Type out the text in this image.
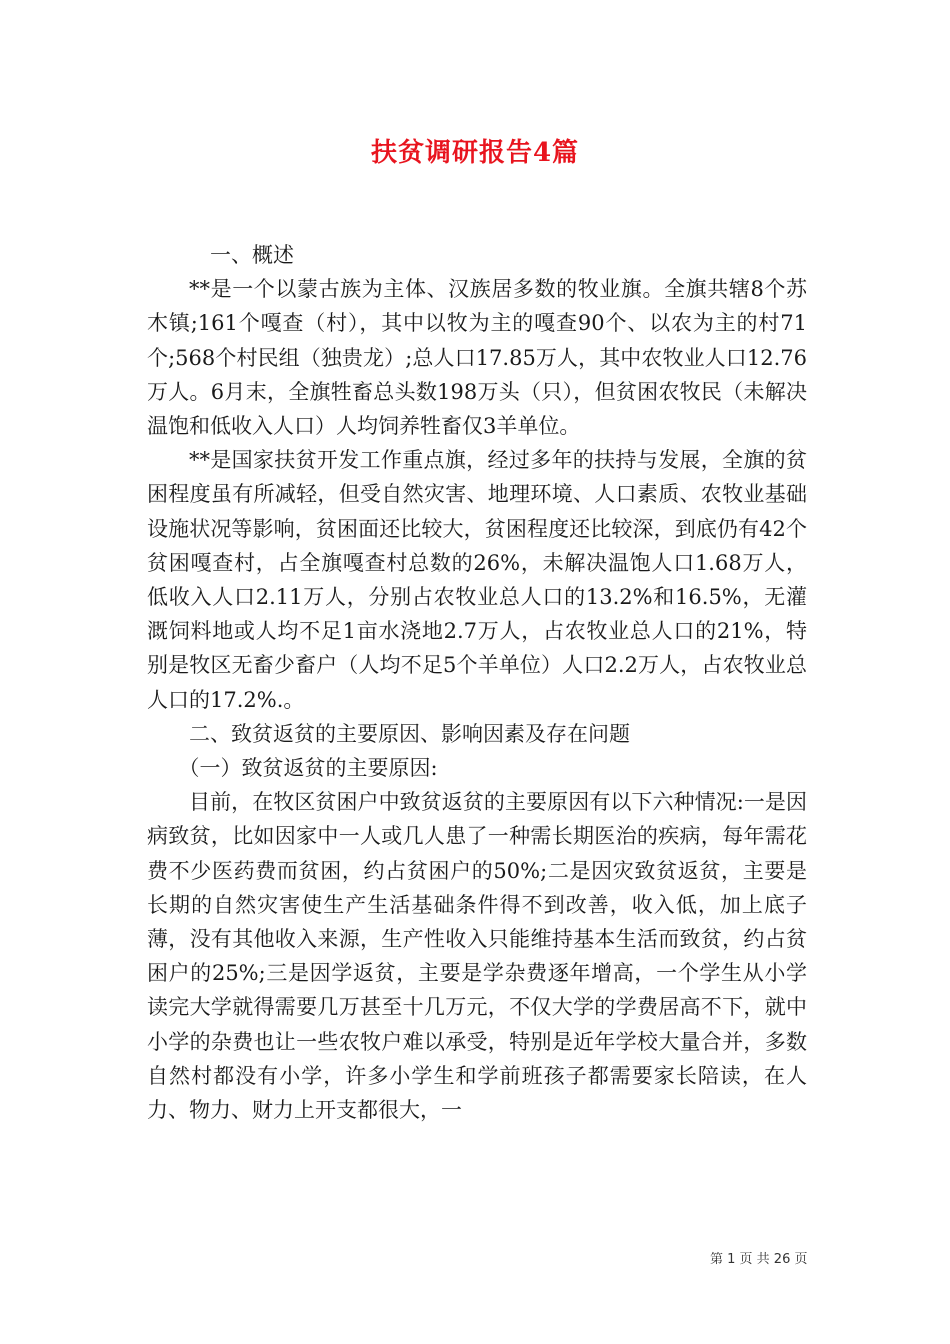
扶贫调研报告4篇

一、概述

**是一个以蒙古族为主体、汉族居多数的牧业旗。全旗共辖8个苏木镇;161个嘎查（村），其中以牧为主的嘎查90个、以农为主的村71个;568个村民组（独贵龙）;总人口17.85万人，其中农牧业人口12.76万人。6月末，全旗牲畜总头数198万头（只），但贫困农牧民（未解决温饱和低收入人口）人均饲养牲畜仅3羊单位。

**是国家扶贫开发工作重点旗，经过多年的扶持与发展，全旗的贫困程度虽有所减轻，但受自然灾害、地理环境、人口素质、农牧业基础设施状况等影响，贫困面还比较大，贫困程度还比较深，到底仍有42个贫困嘎查村，占全旗嘎查村总数的26%，未解决温饱人口1.68万人，低收入人口2.11万人，分别占农牧业总人口的13.2%和16.5%，无灌溉饲料地或人均不足1亩水浇地2.7万人，占农牧业总人口的21%，特别是牧区无畜少畜户（人均不足5个羊单位）人口2.2万人，占农牧业总人口的17.2%.。

二、致贫返贫的主要原因、影响因素及存在问题

（一）致贫返贫的主要原因:

目前，在牧区贫困户中致贫返贫的主要原因有以下六种情况:一是因病致贫，比如因家中一人或几人患了一种需长期医治的疾病，每年需花费不少医药费而贫困，约占贫困户的50%;二是因灾致贫返贫，主要是长期的自然灾害使生产生活基础条件得不到改善，收入低，加上底子薄，没有其他收入来源，生产性收入只能维持基本生活而致贫，约占贫困户的25%;三是因学返贫，主要是学杂费逐年增高，一个学生从小学读完大学就得需要几万甚至十几万元，不仅大学的学费居高不下，就中小学的杂费也让一些农牧户难以承受，特别是近年学校大量合并，多数自然村都没有小学，许多小学生和学前班孩子都需要家长陪读，在人力、物力、财力上开支都很大，一

第 1 页 共 26 页
